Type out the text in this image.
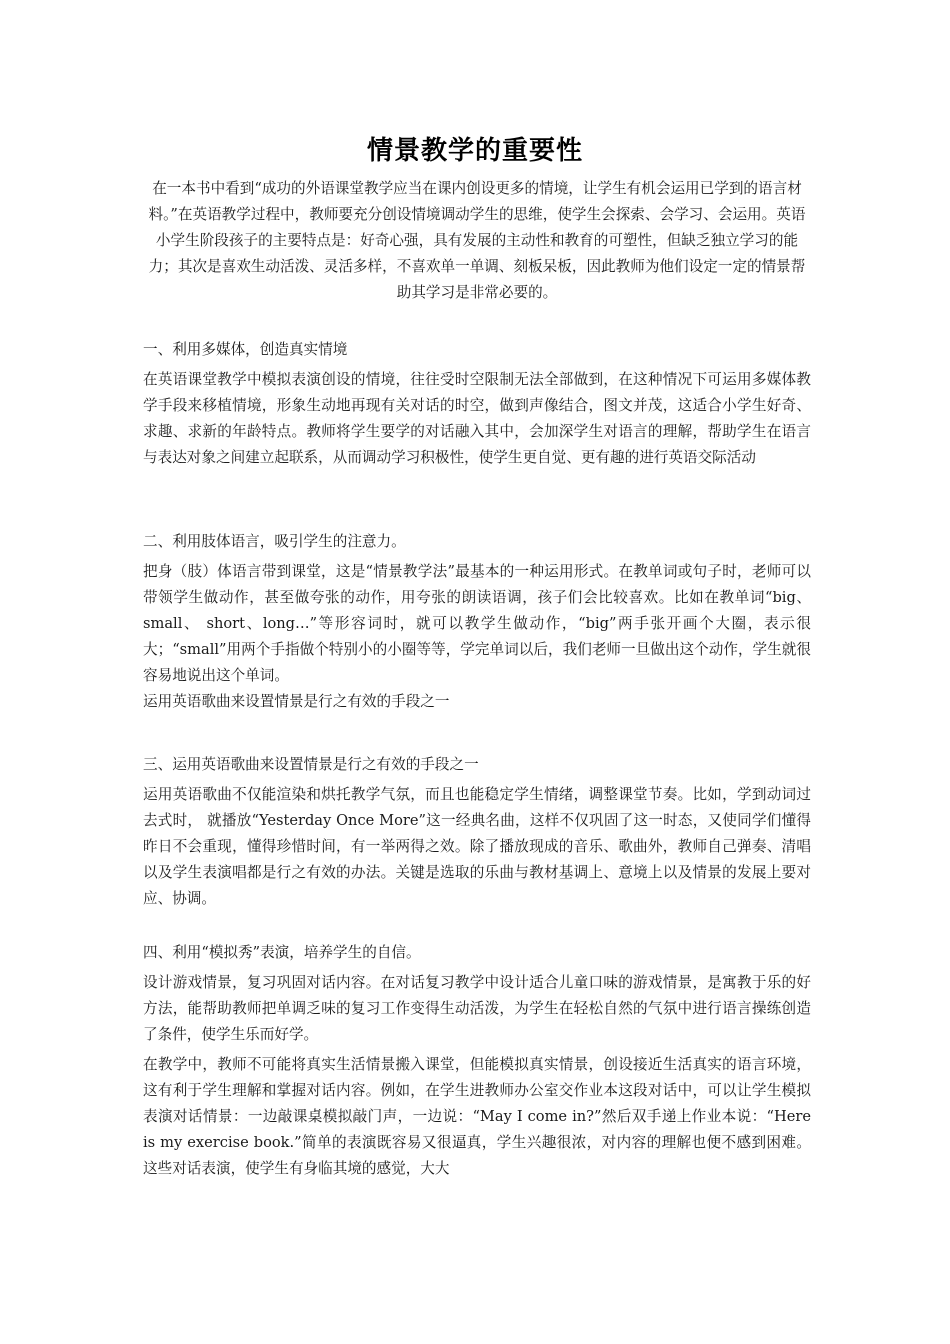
情景教学的重要性
在一本书中看到“成功的外语课堂教学应当在课内创设更多的情境，让学生有机会运用已学到的语言材料。”在英语教学过程中，教师要充分创设情境调动学生的思维，使学生会探索、会学习、会运用。英语小学生阶段孩子的主要特点是：好奇心强，具有发展的主动性和教育的可塑性，但缺乏独立学习的能力；其次是喜欢生动活泼、灵活多样，不喜欢单一单调、刻板呆板，因此教师为他们设定一定的情景帮助其学习是非常必要的。
一、利用多媒体，创造真实情境
在英语课堂教学中模拟表演创设的情境，往往受时空限制无法全部做到，在这种情况下可运用多媒体教学手段来移植情境，形象生动地再现有关对话的时空，做到声像结合，图文并茂，这适合小学生好奇、求趣、求新的年龄特点。教师将学生要学的对话融入其中，会加深学生对语言的理解，帮助学生在语言与表达对象之间建立起联系，从而调动学习积极性，使学生更自觉、更有趣的进行英语交际活动
二、利用肢体语言，吸引学生的注意力。
把身（肢）体语言带到课堂，这是“情景教学法”最基本的一种运用形式。在教单词或句子时，老师可以带领学生做动作，甚至做夸张的动作，用夸张的朗读语调，孩子们会比较喜欢。比如在教单词“big、small、 short、long…”等形容词时，就可以教学生做动作，“big”两手张开画个大圈，表示很大；“small”用两个手指做个特别小的小圈等等，学完单词以后，我们老师一旦做出这个动作，学生就很容易地说出这个单词。
运用英语歌曲来设置情景是行之有效的手段之一
三、运用英语歌曲来设置情景是行之有效的手段之一
运用英语歌曲不仅能渲染和烘托教学气氛，而且也能稳定学生情绪，调整课堂节奏。比如，学到动词过去式时， 就播放“Yesterday Once More”这一经典名曲，这样不仅巩固了这一时态，又使同学们懂得昨日不会重现，懂得珍惜时间，有一举两得之效。除了播放现成的音乐、歌曲外，教师自己弹奏、清唱以及学生表演唱都是行之有效的办法。关键是选取的乐曲与教材基调上、意境上以及情景的发展上要对应、协调。
四、利用“模拟秀”表演，培养学生的自信。
设计游戏情景，复习巩固对话内容。在对话复习教学中设计适合儿童口味的游戏情景，是寓教于乐的好方法，能帮助教师把单调乏味的复习工作变得生动活泼，为学生在轻松自然的气氛中进行语言操练创造了条件，使学生乐而好学。
在教学中，教师不可能将真实生活情景搬入课堂，但能模拟真实情景，创设接近生活真实的语言环境，这有利于学生理解和掌握对话内容。例如，在学生进教师办公室交作业本这段对话中，可以让学生模拟表演对话情景：一边敲课桌模拟敲门声，一边说：“May I come in?”然后双手递上作业本说：“Here is my exercise book.”简单的表演既容易又很逼真，学生兴趣很浓，对内容的理解也便不感到困难。这些对话表演，使学生有身临其境的感觉，大大
